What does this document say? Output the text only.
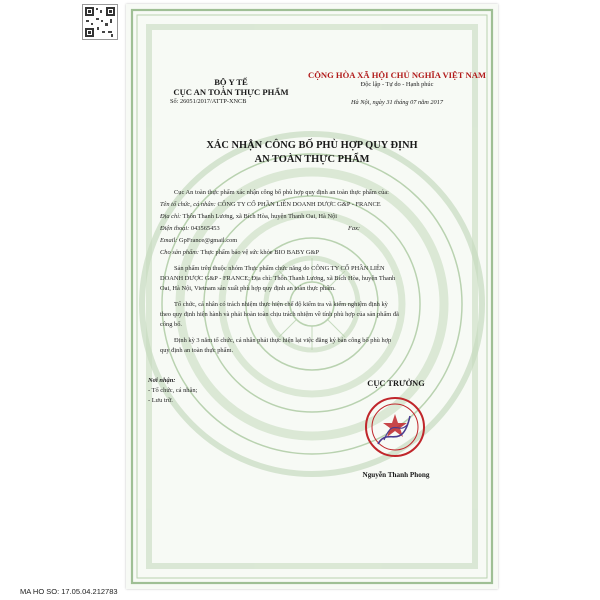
BỘ Y TẾ
CỤC AN TOÀN THỰC PHẨM
Số: 26051/2017/ATTP-XNCB
CỘNG HÒA XÃ HỘI CHỦ NGHĨA VIỆT NAM
Độc lập - Tự do - Hạnh phúc
Hà Nội, ngày 31 tháng 07 năm 2017
XÁC NHẬN CÔNG BỐ PHÙ HỢP QUY ĐỊNH
AN TOÀN THỰC PHẨM
Cục An toàn thực phẩm xác nhận công bố phù hợp quy định an toàn thực phẩm của:
Tên tổ chức, cá nhân: CÔNG TY CỔ PHẦN LIÊN DOANH DƯỢC G&P - FRANCE
Địa chỉ: Thôn Thanh Lương, xã Bích Hòa, huyện Thanh Oai, Hà Nội
Điện thoại: 043565453	Fax:
Email: GpFrance@gmail.com
Cho sản phẩm: Thực phẩm bảo vệ sức khỏe BIO BABY G&P
Sản phẩm trên thuộc nhóm Thực phẩm chức năng do CÔNG TY CỔ PHẦN LIÊN
DOANH DƯỢC G&P - FRANCE; Địa chỉ: Thôn Thanh Lương, xã Bích Hòa, huyện Thanh
Oai, Hà Nội, Vietnam sản xuất phù hợp quy định an toàn thực phẩm.
Tổ chức, cá nhân có trách nhiệm thực hiện chế độ kiểm tra và kiểm nghiệm định kỳ
theo quy định hiện hành và phải hoàn toàn chịu trách nhiệm về tính phù hợp của sản phẩm đã
công bố.
Định kỳ 3 năm tổ chức, cá nhân phải thực hiện lại việc đăng ký bản công bố phù hợp
quy định an toàn thực phẩm.
Nơi nhận:
- Tổ chức, cá nhân;
- Lưu trữ.
CỤC TRƯỞNG
Nguyễn Thanh Phong
MA HO SO: 17.05.04.212783
